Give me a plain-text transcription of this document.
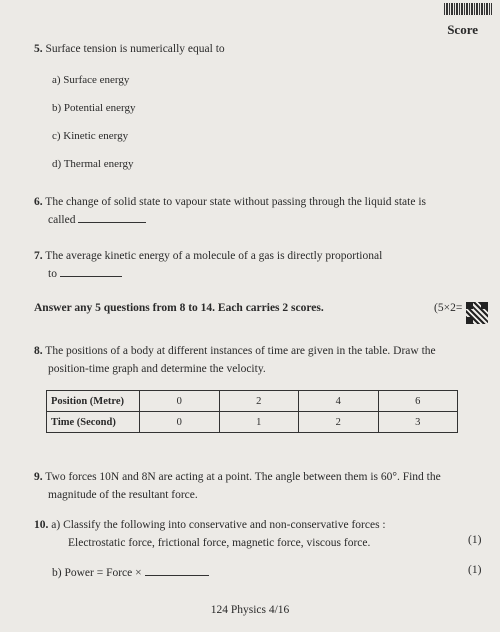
Score
5. Surface tension is numerically equal to
a) Surface energy
b) Potential energy
c) Kinetic energy
d) Thermal energy
6. The change of solid state to vapour state without passing through the liquid state is
called
7. The average kinetic energy of a molecule of a gas is directly proportional
to
Answer any 5 questions from 8 to 14. Each carries 2 scores.	(5×2=
8. The positions of a body at different instances of time are given in the table. Draw the
position-time graph and determine the velocity.
Position (Metre)	0	2	4	6
Time (Second)	0	1	2	3
9. Two forces 10N and 8N are acting at a point. The angle between them is 60°. Find the
magnitude of the resultant force.
10. a) Classify the following into conservative and non-conservative forces :
Electrostatic force, frictional force, magnetic force, viscous force.	(1)
b) Power = Force ×	(1)
124 Physics 4/16
